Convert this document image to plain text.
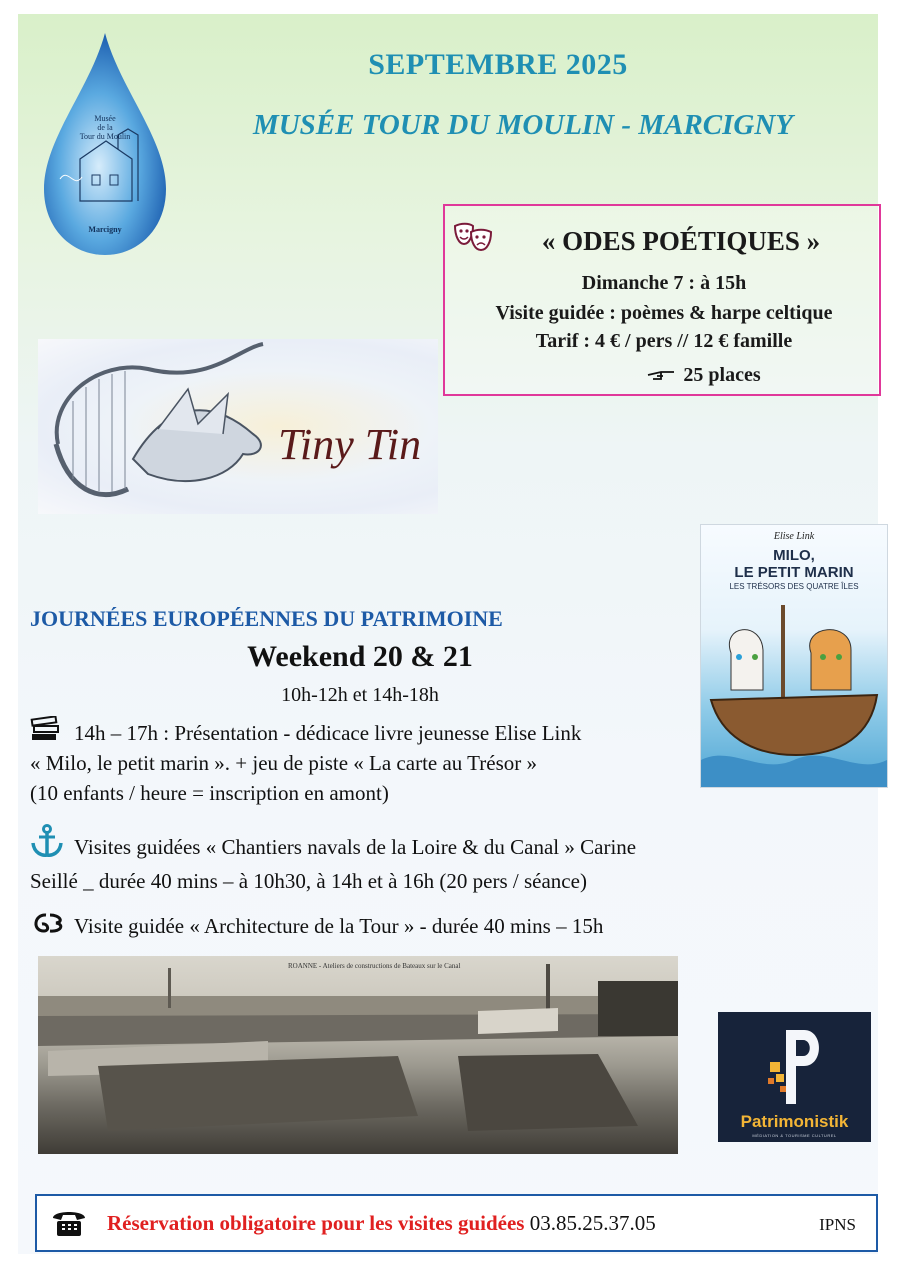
Musée
de la
Tour du Moulin
Marcigny
SEPTEMBRE 2025
MUSÉE TOUR DU MOULIN - MARCIGNY
« ODES POÉTIQUES »
Dimanche 7 : à 15h
Visite guidée : poèmes & harpe celtique
Tarif : 4 € / pers // 12 € famille
25 places
Tiny Tin
Elise Link
MILO,
LE PETIT MARIN
LES TRÉSORS DES QUATRE ÎLES
JOURNÉES EUROPÉENNES DU PATRIMOINE
Weekend 20 & 21
10h-12h et 14h-18h
14h – 17h : Présentation - dédicace livre jeunesse Elise Link
« Milo, le petit marin ». + jeu de piste « La carte au Trésor »
(10 enfants / heure = inscription en amont)
Visites guidées « Chantiers navals de la Loire & du Canal » Carine
Seillé _ durée 40 mins – à 10h30, à 14h et à 16h (20 pers / séance)
Visite guidée « Architecture de la Tour » - durée 40 mins – 15h
ROANNE - Ateliers de constructions de Bateaux sur le Canal
Patrimonistik
MÉDIATION & TOURISME CULTUREL
Réservation obligatoire pour les visites guidées 03.85.25.37.05	IPNS
